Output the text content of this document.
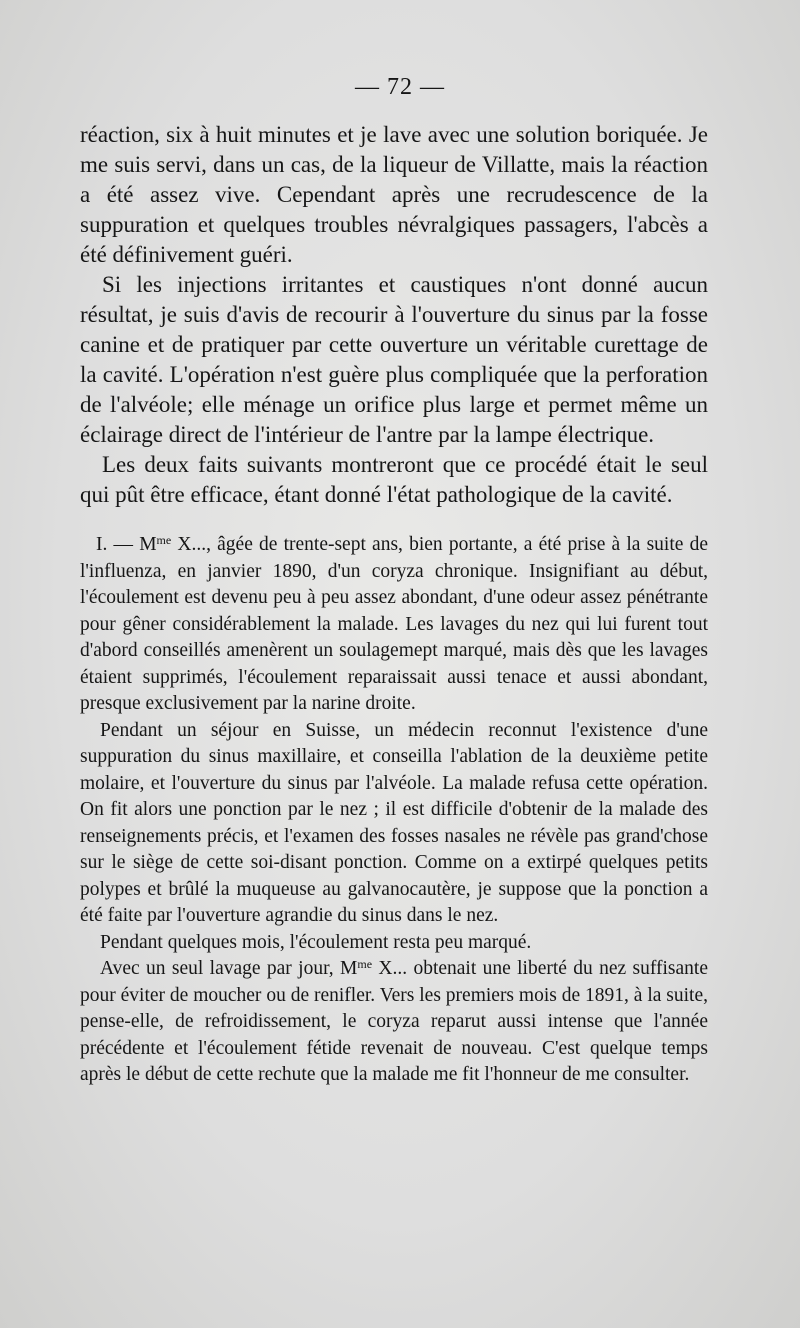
— 72 —

réaction, six à huit minutes et je lave avec une solution boriquée. Je me suis servi, dans un cas, de la liqueur de Villatte, mais la réaction a été assez vive. Cependant après une recrudescence de la suppuration et quelques troubles névralgiques passagers, l'abcès a été définivement guéri.

Si les injections irritantes et caustiques n'ont donné aucun résultat, je suis d'avis de recourir à l'ouverture du sinus par la fosse canine et de pratiquer par cette ouverture un véritable curettage de la cavité. L'opération n'est guère plus compliquée que la perforation de l'alvéole; elle ménage un orifice plus large et permet même un éclairage direct de l'intérieur de l'antre par la lampe électrique.

Les deux faits suivants montreront que ce procédé était le seul qui pût être efficace, étant donné l'état pathologique de la cavité.

I. — $M^{me}$ X..., âgée de trente-sept ans, bien portante, a été prise à la suite de l'influenza, en janvier 1890, d'un coryza chronique. Insignifiant au début, l'écoulement est devenu peu à peu assez abondant, d'une odeur assez pénétrante pour gêner considérablement la malade. Les lavages du nez qui lui furent tout d'abord conseillés amenèrent un soulagemept marqué, mais dès que les lavages étaient supprimés, l'écoulement reparaissait aussi tenace et aussi abondant, presque exclusivement par la narine droite.

Pendant un séjour en Suisse, un médecin reconnut l'existence d'une suppuration du sinus maxillaire, et conseilla l'ablation de la deuxième petite molaire, et l'ouverture du sinus par l'alvéole. La malade refusa cette opération. On fit alors une ponction par le nez ; il est difficile d'obtenir de la malade des renseignements précis, et l'examen des fosses nasales ne révèle pas grand'chose sur le siège de cette soi-disant ponction. Comme on a extirpé quelques petits polypes et brûlé la muqueuse au galvanocautère, je suppose que la ponction a été faite par l'ouverture agrandie du sinus dans le nez.

Pendant quelques mois, l'écoulement resta peu marqué.

Avec un seul lavage par jour, $M^{me}$ X... obtenait une liberté du nez suffisante pour éviter de moucher ou de renifler. Vers les premiers mois de 1891, à la suite, pense-elle, de refroidissement, le coryza reparut aussi intense que l'année précédente et l'écoulement fétide revenait de nouveau. C'est quelque temps après le début de cette rechute que la malade me fit l'honneur de me consulter.
